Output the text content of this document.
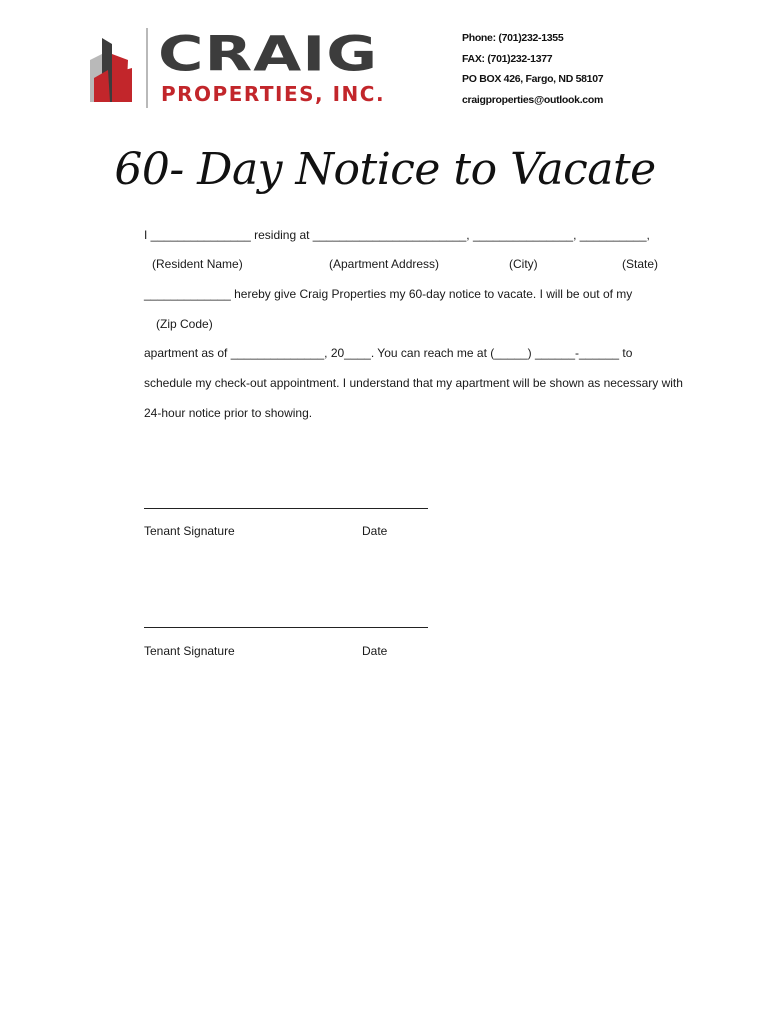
CRAIG
PROPERTIES, INC.
Phone: (701)232-1355
FAX: (701)232-1377
PO BOX 426, Fargo, ND 58107
craigproperties@outlook.com
60- Day Notice to Vacate
I _______________ residing at _______________________, _______________, __________,
(Resident Name)	(Apartment Address)	(City)	(State)
_____________ hereby give Craig Properties my 60-day notice to vacate. I will be out of my
(Zip Code)
apartment as of ______________, 20____. You can reach me at (_____) ______-______ to
schedule my check-out appointment. I understand that my apartment will be shown as necessary with
24-hour notice prior to showing.
Tenant Signature	Date
Tenant Signature	Date
